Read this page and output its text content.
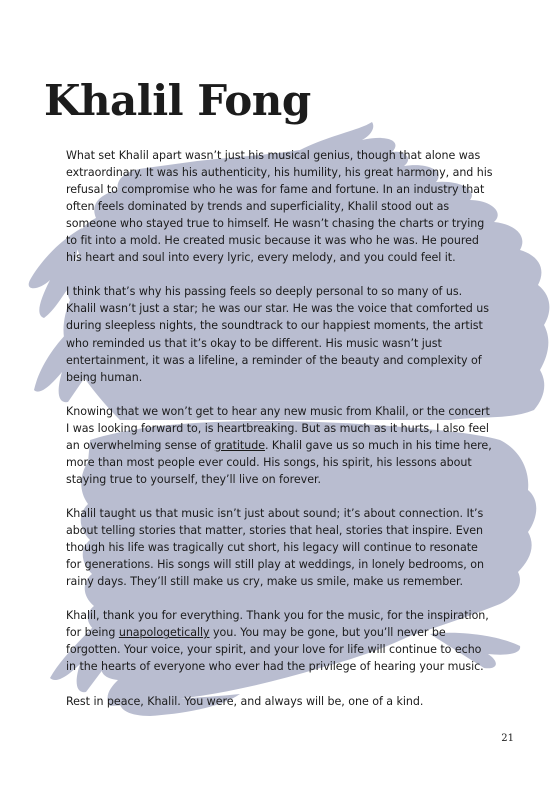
Khalil Fong

What set Khalil apart wasn’t just his musical genius, though that alone was extraordinary. It was his authenticity, his humility, his great harmony, and his refusal to compromise who he was for fame and fortune. In an industry that often feels dominated by trends and superficiality, Khalil stood out as someone who stayed true to himself. He wasn’t chasing the charts or trying to fit into a mold. He created music because it was who he was. He poured his heart and soul into every lyric, every melody, and you could feel it.

I think that’s why his passing feels so deeply personal to so many of us. Khalil wasn’t just a star; he was our star. He was the voice that comforted us during sleepless nights, the soundtrack to our happiest moments, the artist who reminded us that it’s okay to be different. His music wasn’t just entertainment, it was a lifeline, a reminder of the beauty and complexity of being human.

Knowing that we won’t get to hear any new music from Khalil, or the concert I was looking forward to, is heartbreaking. But as much as it hurts, I also feel an overwhelming sense of gratitude. Khalil gave us so much in his time here, more than most people ever could. His songs, his spirit, his lessons about staying true to yourself, they’ll live on forever.

Khalil taught us that music isn’t just about sound; it’s about connection. It’s about telling stories that matter, stories that heal, stories that inspire. Even though his life was tragically cut short, his legacy will continue to resonate for generations. His songs will still play at weddings, in lonely bedrooms, on rainy days. They’ll still make us cry, make us smile, make us remember.

Khalil, thank you for everything. Thank you for the music, for the inspiration, for being unapologetically you. You may be gone, but you’ll never be forgotten. Your voice, your spirit, and your love for life will continue to echo in the hearts of everyone who ever had the privilege of hearing your music.

Rest in peace, Khalil. You were, and always will be, one of a kind.

21
